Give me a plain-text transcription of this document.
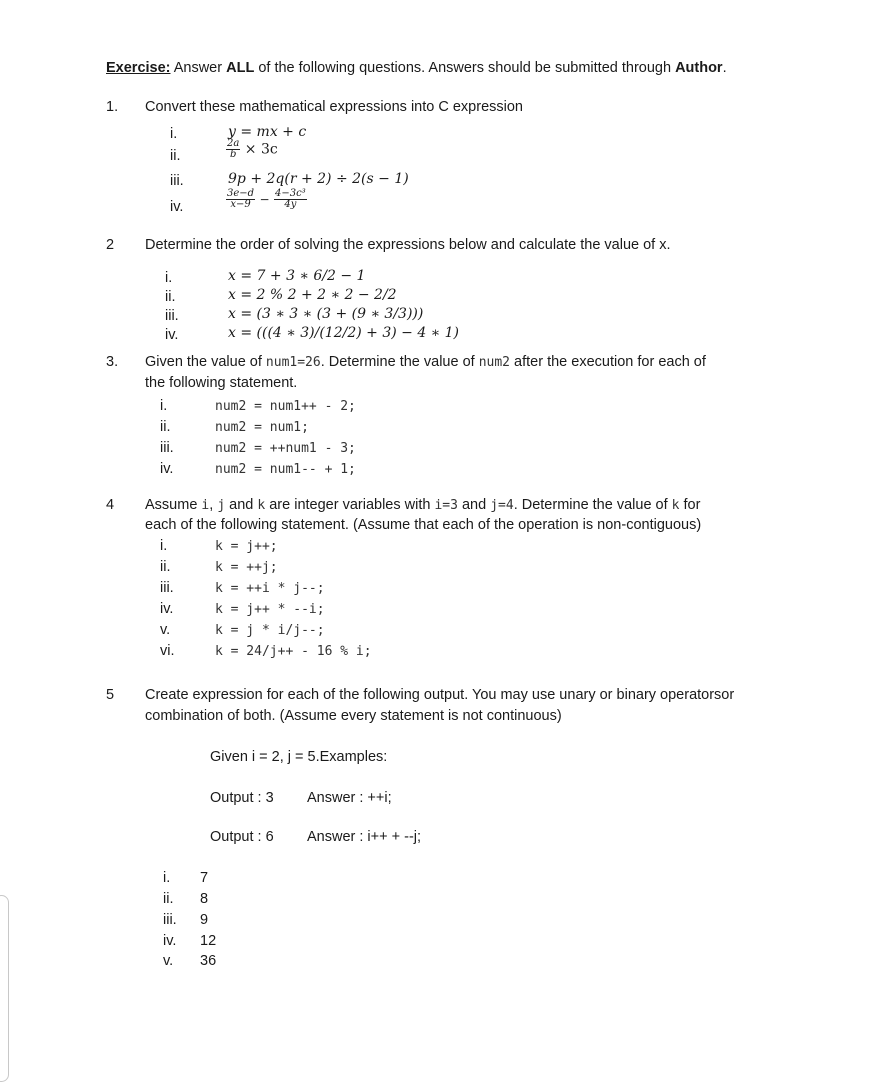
Exercise: Answer ALL of the following questions. Answers should be submitted through Author.
1. Convert these mathematical expressions into C expression
i.	y = mx + c
ii.	$\frac{2a}{b} \times 3c$
iii.	9p + 2q(r + 2) ÷ 2(s − 1)
iv.	$\frac{3e-d}{x-9} - \frac{\text{4−3c³}}{4y}$
2 Determine the order of solving the expressions below and calculate the value of x.
i.	x = 7 + 3 ∗ 6/2 − 1
ii.	x = 2 % 2 + 2 ∗ 2 − 2/2
iii.	x = (3 ∗ 3 ∗ (3 + (9 ∗ 3/3)))
iv.	x = (((4 ∗ 3)/(12/2) + 3) − 4 ∗ 1)
3. Given the value of num1=26. Determine the value of num2 after the execution for each of
the following statement.
i.	num2 = num1++ - 2;
ii.	num2 = num1;
iii.	num2 = ++num1 - 3;
iv.	num2 = num1-- + 1;
4 Assume i, j and k are integer variables with i=3 and j=4. Determine the value of k for
each of the following statement. (Assume that each of the operation is non-contiguous)
i.	k = j++;
ii.	k = ++j;
iii.	k = ++i * j--;
iv.	k = j++ * --i;
v.	k = j * i/j--;
vi.	k = 24/j++ - 16 % i;
5 Create expression for each of the following output. You may use unary or binary operatorsor
combination of both. (Assume every statement is not continuous)
Given i = 2, j = 5.Examples:
Output : 3 Answer : ++i;
Output : 6 Answer : i++ + --j;
i. 7
ii. 8
iii. 9
iv. 12
v. 36
